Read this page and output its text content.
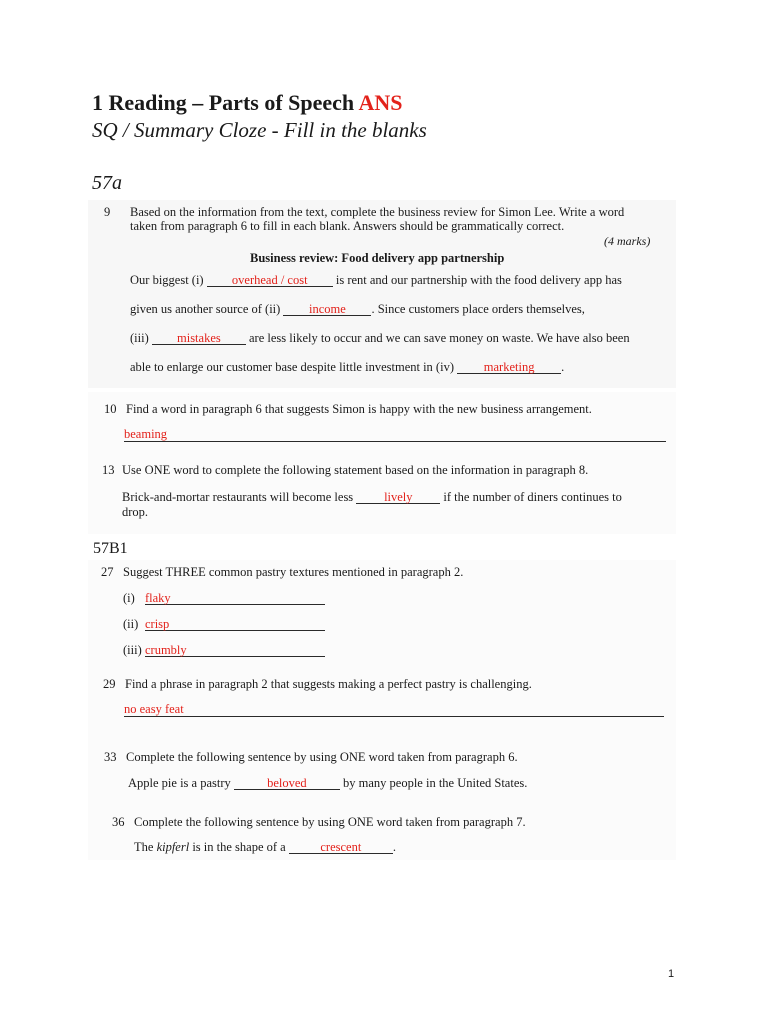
1 Reading – Parts of Speech ANS
SQ / Summary Cloze - Fill in the blanks
57a
9 Based on the information from the text, complete the business review for Simon Lee. Write a word
taken from paragraph 6 to fill in each blank. Answers should be grammatically correct.
(4 marks)
Business review: Food delivery app partnership
Our biggest (i) overhead / cost is rent and our partnership with the food delivery app has
given us another source of (ii) income . Since customers place orders themselves,
(iii) mistakes are less likely to occur and we can save money on waste. We have also been
able to enlarge our customer base despite little investment in (iv) marketing .
10 Find a word in paragraph 6 that suggests Simon is happy with the new business arrangement.
beaming
13 Use ONE word to complete the following statement based on the information in paragraph 8.
Brick-and-mortar restaurants will become less lively if the number of diners continues to
drop.
57B1
27 Suggest THREE common pastry textures mentioned in paragraph 2.
(i) flaky
(ii) crisp
(iii) crumbly
29 Find a phrase in paragraph 2 that suggests making a perfect pastry is challenging.
no easy feat
33 Complete the following sentence by using ONE word taken from paragraph 6.
Apple pie is a pastry	beloved	by many people in the United States.
36 Complete the following sentence by using ONE word taken from paragraph 7.
The kipferl is in the shape of a	crescent	.
1
